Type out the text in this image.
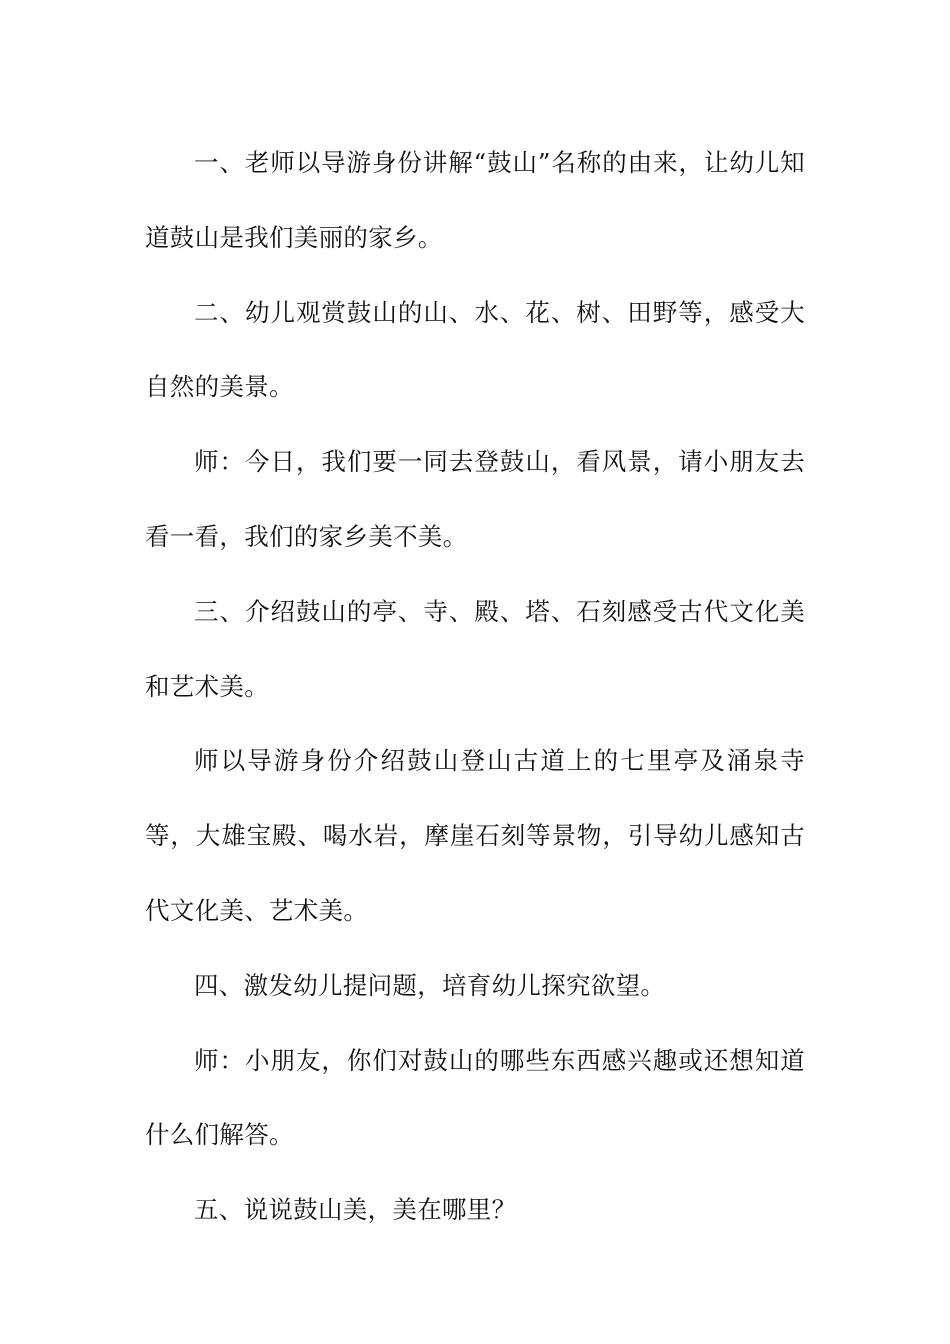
一、老师以导游身份讲解“鼓山”名称的由来，让幼儿知道鼓山是我们美丽的家乡。

二、幼儿观赏鼓山的山、水、花、树、田野等，感受大自然的美景。

师：今日，我们要一同去登鼓山，看风景，请小朋友去看一看，我们的家乡美不美。

三、介绍鼓山的亭、寺、殿、塔、石刻感受古代文化美和艺术美。

师以导游身份介绍鼓山登山古道上的七里亭及涌泉寺等，大雄宝殿、喝水岩，摩崖石刻等景物，引导幼儿感知古代文化美、艺术美。

四、激发幼儿提问题，培育幼儿探究欲望。

师：小朋友，你们对鼓山的哪些东西感兴趣或还想知道什么们解答。

五、说说鼓山美，美在哪里？
